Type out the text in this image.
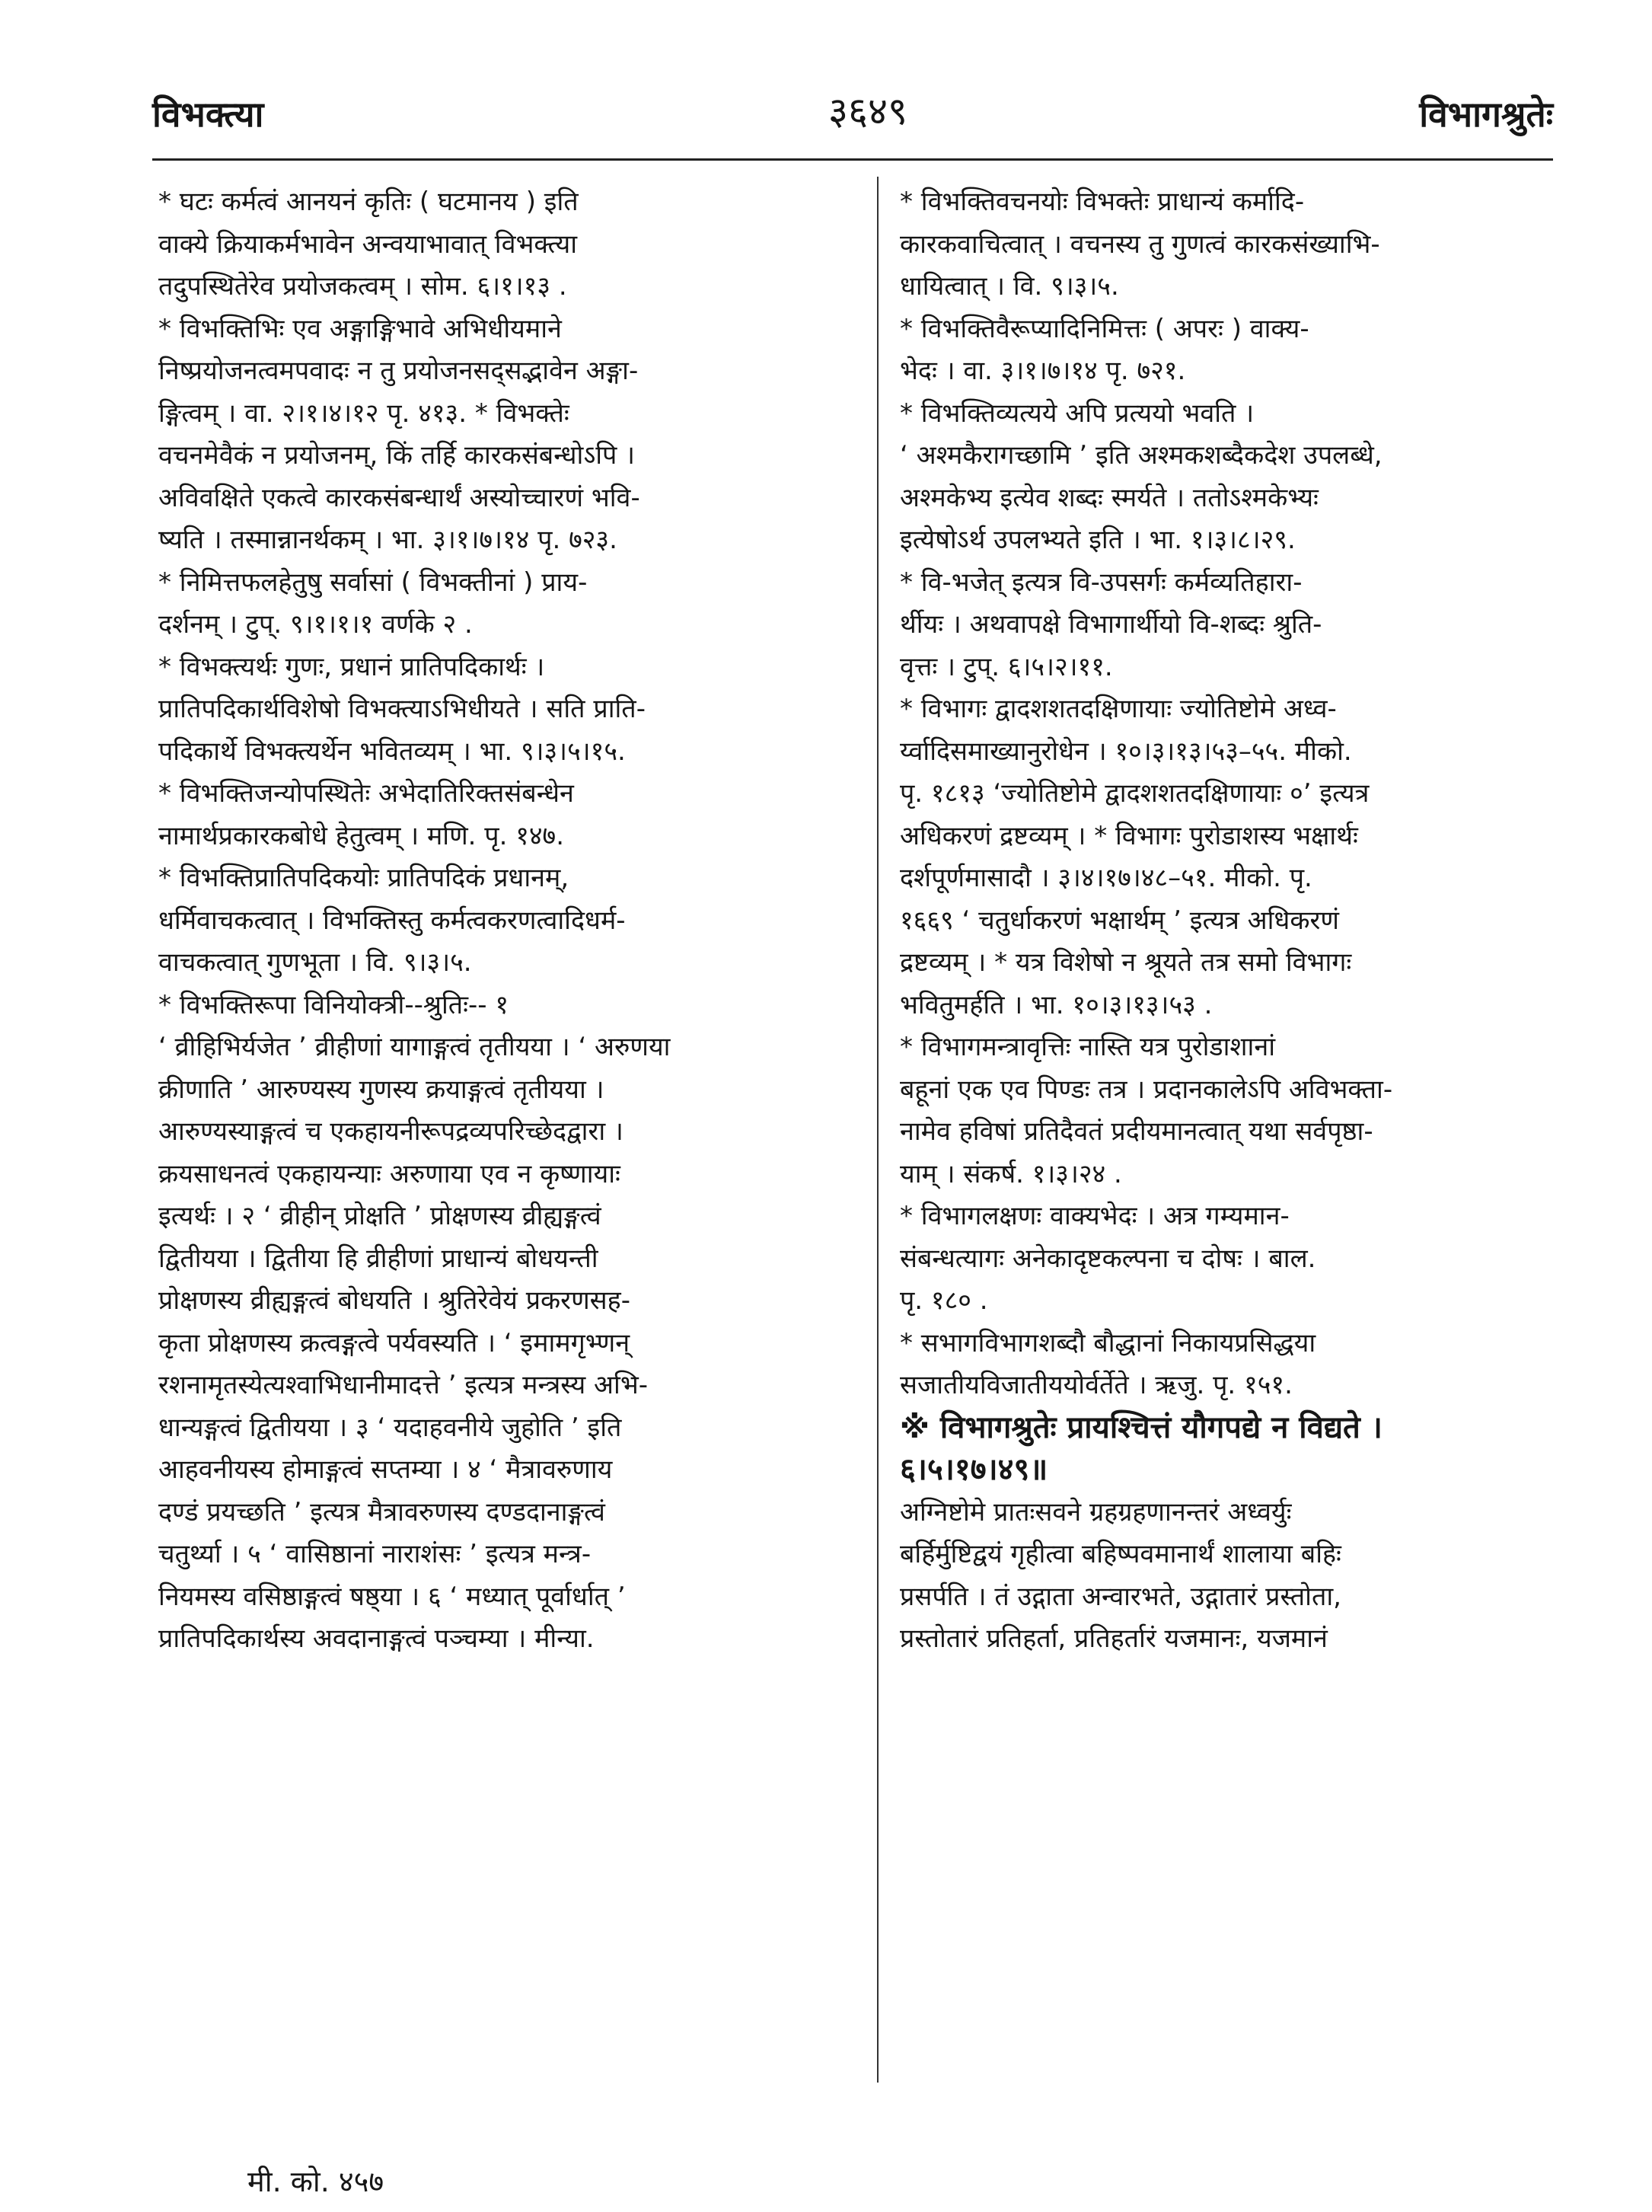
विभक्त्या	३६४९	विभागश्रुतेः
* घटः कर्मत्वं आनयनं कृतिः ( घटमानय ) इति
वाक्ये क्रियाकर्मभावेन अन्वयाभावात् विभक्त्या
तदुपस्थितेरेव प्रयोजकत्वम् । सोम. ६।१।१३ .
* विभक्तिभिः एव अङ्गाङ्गिभावे अभिधीयमाने
निष्प्रयोजनत्वमपवादः न तु प्रयोजनसद्‌सद्भावेन अङ्गा-
ङ्गित्वम् । वा. २।१।४।१२ पृ. ४१३. * विभक्तेः
वचनमेवैकं न प्रयोजनम्, किं तर्हि कारकसंबन्धोऽपि ।
अविवक्षिते एकत्वे कारकसंबन्धार्थं अस्योच्चारणं भवि-
ष्यति । तस्मान्नानर्थकम् । भा. ३।१।७।१४ पृ. ७२३.
* निमित्तफलहेतुषु सर्वासां ( विभक्तीनां ) प्राय-
दर्शनम् । टुप्. ९।१।१।१ वर्णके २ .
* विभक्त्यर्थः गुणः, प्रधानं प्रातिपदिकार्थः ।
प्रातिपदिकार्थविशेषो विभक्त्याऽभिधीयते । सति प्राति-
पदिकार्थे विभक्त्यर्थेन भवितव्यम् । भा. ९।३।५।१५.
* विभक्तिजन्योपस्थितेः अभेदातिरिक्तसंबन्धेन
नामार्थप्रकारकबोधे हेतुत्वम् । मणि. पृ. १४७.
* विभक्तिप्रातिपदिकयोः प्रातिपदिकं प्रधानम्,
धर्मिवाचकत्वात् । विभक्तिस्तु कर्मत्वकरणत्वादिधर्म-
वाचकत्वात् गुणभूता । वि. ९।३।५.
* विभक्तिरूपा विनियोक्त्री--श्रुतिः-- १
‘ व्रीहिभिर्यजेत ’ व्रीहीणां यागाङ्गत्वं तृतीयया । ‘ अरुणया
क्रीणाति ’ आरुण्यस्य गुणस्य क्रयाङ्गत्वं तृतीयया ।
आरुण्यस्याङ्गत्वं च एकहायनीरूपद्रव्यपरिच्छेदद्वारा ।
क्रयसाधनत्वं एकहायन्याः अरुणाया एव न कृष्णायाः
इत्यर्थः । २ ‘ व्रीहीन् प्रोक्षति ’ प्रोक्षणस्य व्रीह्यङ्गत्वं
द्वितीयया । द्वितीया हि व्रीहीणां प्राधान्यं बोधयन्ती
प्रोक्षणस्य व्रीह्यङ्गत्वं बोधयति । श्रुतिरेवेयं प्रकरणसह-
कृता प्रोक्षणस्य क्रत्वङ्गत्वे पर्यवस्यति । ‘ इमामगृभ्णन्
रशनामृतस्येत्यश्वाभिधानीमादत्ते ’ इत्यत्र मन्त्रस्य अभि-
धान्यङ्गत्वं द्वितीयया । ३ ‘ यदाहवनीये जुहोति ’ इति
आहवनीयस्य होमाङ्गत्वं सप्तम्या । ४ ‘ मैत्रावरुणाय
दण्डं प्रयच्छति ’ इत्यत्र मैत्रावरुणस्य दण्डदानाङ्गत्वं
चतुर्थ्या । ५ ‘ वासिष्ठानां नाराशंसः ’ इत्यत्र मन्त्र-
नियमस्य वसिष्ठाङ्गत्वं षष्ठ्या । ६ ‘ मध्यात् पूर्वार्धात् ’
प्रातिपदिकार्थस्य अवदानाङ्गत्वं पञ्चम्या । मीन्या.
* विभक्तिवचनयोः विभक्तेः प्राधान्यं कर्मादि-
कारकवाचित्वात् । वचनस्य तु गुणत्वं कारकसंख्याभि-
धायित्वात् । वि. ९।३।५.
* विभक्तिवैरूप्यादिनिमित्तः ( अपरः ) वाक्य-
भेदः । वा. ३।१।७।१४ पृ. ७२१.
* विभक्तिव्यत्यये अपि प्रत्ययो भवति ।
‘ अश्मकैरागच्छामि ’ इति अश्मकशब्दैकदेश उपलब्धे,
अश्मकेभ्य इत्येव शब्दः स्मर्यते । ततोऽश्मकेभ्यः
इत्येषोऽर्थ उपलभ्यते इति । भा. १।३।८।२९.
* वि-भजेत् इत्यत्र वि-उपसर्गः कर्मव्यतिहारा-
र्थीयः । अथवापक्षे विभागार्थीयो वि-शब्दः श्रुति-
वृत्तः । टुप्. ६।५।२।११.
* विभागः द्वादशशतदक्षिणायाः ज्योतिष्टोमे अध्व-
र्य्वादिसमाख्यानुरोधेन । १०।३।१३।५३–५५. मीको.
पृ. १८१३ ‘ज्योतिष्टोमे द्वादशशतदक्षिणायाः ०’ इत्यत्र
अधिकरणं द्रष्टव्यम् । * विभागः पुरोडाशस्य भक्षार्थः
दर्शपूर्णमासादौ । ३।४।१७।४८–५१. मीको. पृ.
१६६९ ‘ चतुर्धाकरणं भक्षार्थम् ’ इत्यत्र अधिकरणं
द्रष्टव्यम् । * यत्र विशेषो न श्रूयते तत्र समो विभागः
भवितुमर्हति । भा. १०।३।१३।५३ .
* विभागमन्त्रावृत्तिः नास्ति यत्र पुरोडाशानां
बहूनां एक एव पिण्डः तत्र । प्रदानकालेऽपि अविभक्ता-
नामेव हविषां प्रतिदैवतं प्रदीयमानत्वात् यथा सर्वपृष्ठा-
याम् । संकर्ष. १।३।२४ .
* विभागलक्षणः वाक्यभेदः । अत्र गम्यमान-
संबन्धत्यागः अनेकादृष्टकल्पना च दोषः । बाल.
पृ. १८० .
* सभागविभागशब्दौ बौद्धानां निकायप्रसिद्धया
सजातीयविजातीययोर्वर्तेते । ऋजु. पृ. १५१.
※ विभागश्रुतेः प्रायश्चित्तं यौगपद्ये न विद्यते ।
६।५।१७।४९॥
अग्निष्टोमे प्रातःसवने ग्रहग्रहणानन्तरं अध्वर्युः
बर्हिर्मुष्टिद्वयं गृहीत्वा बहिष्पवमानार्थं शालाया बहिः
प्रसर्पति । तं उद्गाता अन्वारभते, उद्गातारं प्रस्तोता,
प्रस्तोतारं प्रतिहर्ता, प्रतिहर्तारं यजमानः, यजमानं
मी. को. ४५७
